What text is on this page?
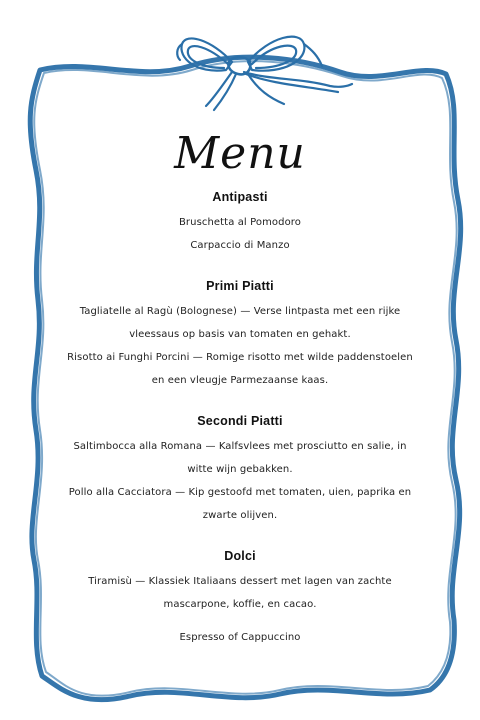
Menu
Antipasti

Bruschetta al Pomodoro

Carpaccio di Manzo

Primi Piatti

Tagliatelle al Ragù (Bolognese) — Verse lintpasta met een rijke

vleessaus op basis van tomaten en gehakt.

Risotto ai Funghi Porcini — Romige risotto met wilde paddenstoelen

en een vleugje Parmezaanse kaas.

Secondi Piatti

Saltimbocca alla Romana — Kalfsvlees met prosciutto en salie, in

witte wijn gebakken.

Pollo alla Cacciatora — Kip gestoofd met tomaten, uien, paprika en

zwarte olijven.

Dolci

Tiramisù — Klassiek Italiaans dessert met lagen van zachte

mascarpone, koffie, en cacao.

Espresso of Cappuccino
